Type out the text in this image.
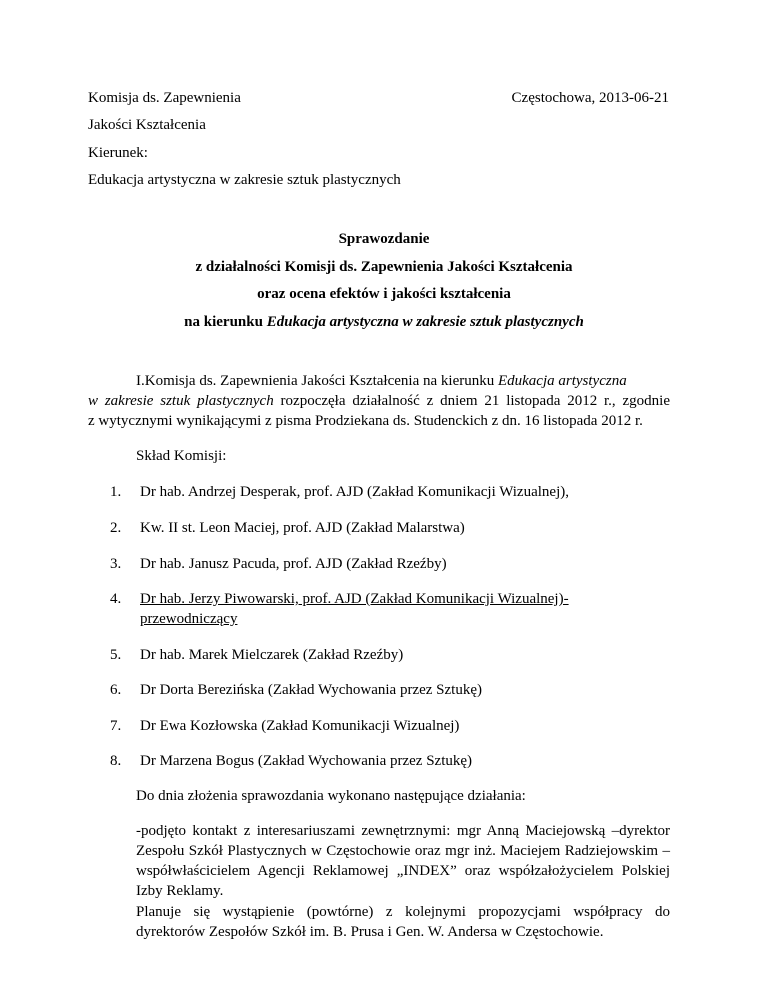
Komisja ds. Zapewnienia	Częstochowa, 2013-06-21
Jakości Kształcenia
Kierunek:
Edukacja artystyczna w zakresie sztuk plastycznych
Sprawozdanie
z działalności Komisji ds. Zapewnienia Jakości Kształcenia
oraz ocena efektów i jakości kształcenia
na kierunku Edukacja artystyczna w zakresie sztuk plastycznych
I.Komisja ds. Zapewnienia Jakości Kształcenia na kierunku Edukacja artystyczna
w zakresie sztuk plastycznych rozpoczęła działalność z dniem 21 listopada 2012 r., zgodnie
z wytycznymi wynikającymi z pisma Prodziekana ds. Studenckich z dn. 16 listopada 2012 r.
Skład Komisji:
1. Dr hab. Andrzej Desperak, prof. AJD (Zakład Komunikacji Wizualnej),
2. Kw. II st. Leon Maciej, prof. AJD (Zakład Malarstwa)
3. Dr hab. Janusz Pacuda, prof. AJD (Zakład Rzeźby)
4. Dr hab. Jerzy Piwowarski, prof. AJD (Zakład Komunikacji Wizualnej)-
przewodniczący
5. Dr hab. Marek Mielczarek (Zakład Rzeźby)
6. Dr Dorta Berezińska (Zakład Wychowania przez Sztukę)
7. Dr Ewa Kozłowska (Zakład Komunikacji Wizualnej)
8. Dr Marzena Bogus (Zakład Wychowania przez Sztukę)
Do dnia złożenia sprawozdania wykonano następujące działania:
-podjęto kontakt z interesariuszami zewnętrznymi: mgr Anną Maciejowską –dyrektor Zespołu Szkół Plastycznych w Częstochowie oraz mgr inż. Maciejem Radziejowskim –współwłaścicielem Agencji Reklamowej „INDEX” oraz współzałożycielem Polskiej Izby Reklamy.
Planuje się wystąpienie (powtórne) z kolejnymi propozycjami współpracy do dyrektorów Zespołów Szkół im. B. Prusa i Gen. W. Andersa w Częstochowie.
